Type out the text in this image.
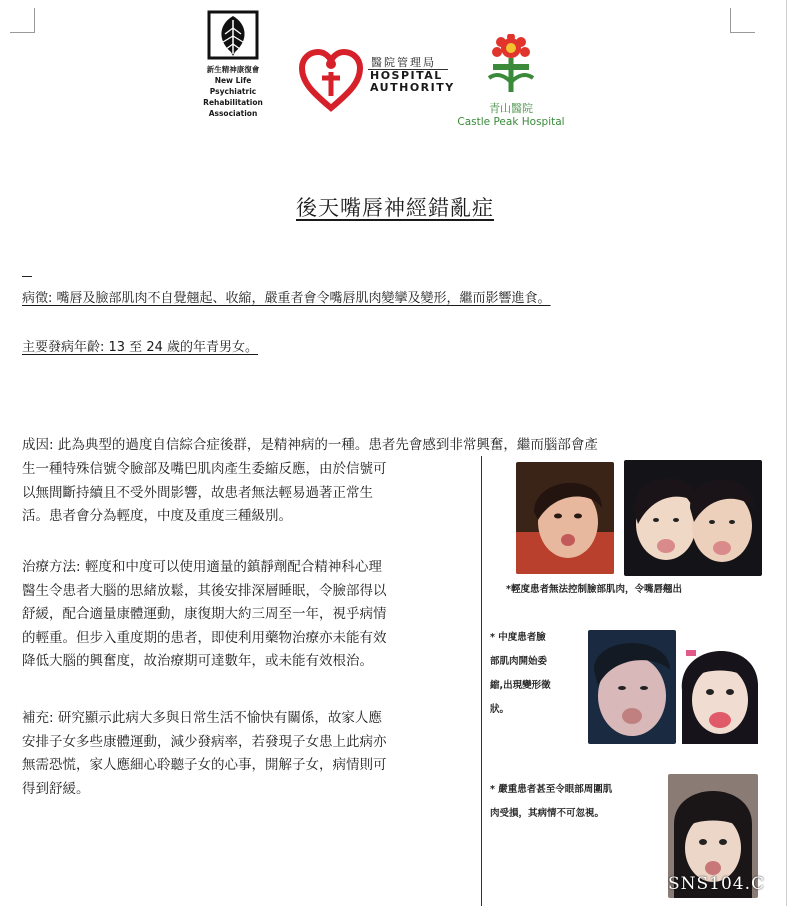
新生精神康復會
New Life
Psychiatric
Rehabilitation
Association
醫院管理局
HOSPITAL
AUTHORITY
青山醫院
Castle Peak Hospital
後天嘴唇神經錯亂症
病徵: 嘴唇及臉部肌肉不自覺翹起、收縮，嚴重者會令嘴唇肌肉變攣及變形，繼而影響進食。
主要發病年齡: 13 至 24 歲的年青男女。

成因: 此為典型的過度自信綜合症後群，是精神病的一種。患者先會感到非常興奮，繼而腦部會產

生一種特殊信號令臉部及嘴巴肌肉產生委縮反應，由於信號可

以無間斷持續且不受外間影響，故患者無法輕易過著正常生

活。患者會分為輕度，中度及重度三種級別。

治療方法: 輕度和中度可以使用適量的鎮靜劑配合精神科心理

醫生令患者大腦的思緒放鬆，其後安排深層睡眠，令臉部得以

舒緩，配合適量康體運動，康復期大約三周至一年，視乎病情

的輕重。但步入重度期的患者，即使利用藥物治療亦未能有效

降低大腦的興奮度，故治療期可達數年，或未能有效根治。

補充: 研究顯示此病大多與日常生活不愉快有關係，故家人應

安排子女多些康體運動，減少發病率，若發現子女患上此病亦

無需恐慌，家人應細心聆聽子女的心事，開解子女，病情則可

得到舒緩。

*輕度患者無法控制臉部肌肉，令嘴唇翹出
* 中度患者臉
部肌肉開始委
縮,出現變形徵
狀。
* 嚴重患者甚至令眼部周圍肌
肉受損，其病情不可忽視。
SNS104.C
